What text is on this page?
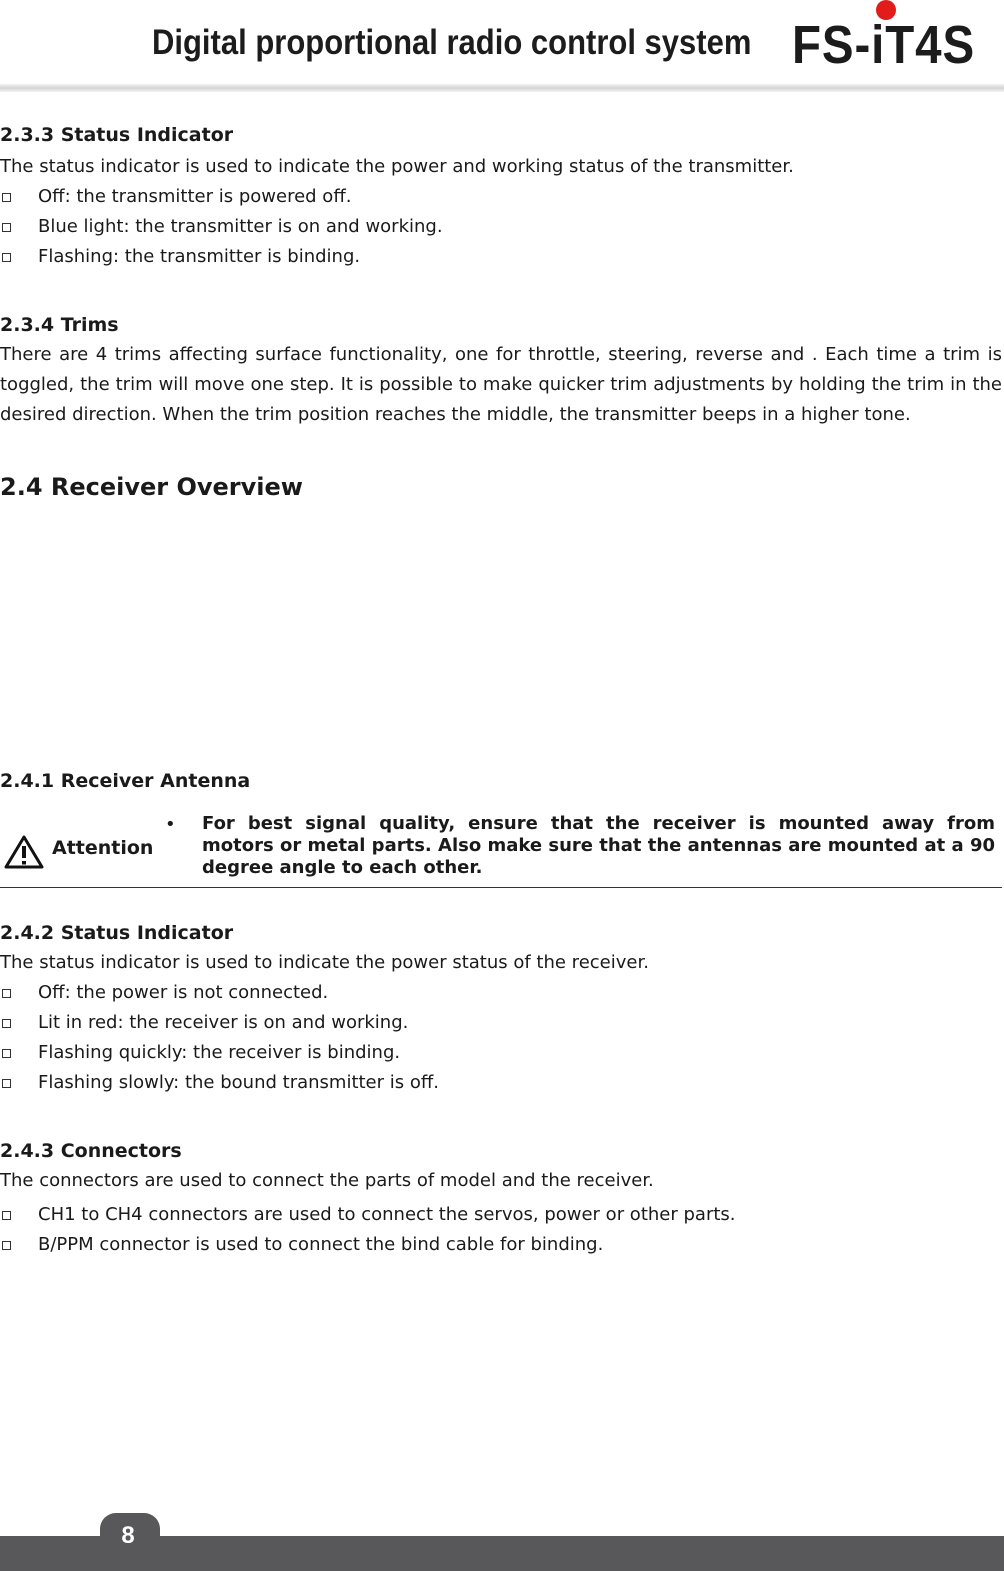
Digital proportional radio control system FS-iT4S
2.3.3 Status Indicator

The status indicator is used to indicate the power and working status of the transmitter.

Off: the transmitter is powered off.
Blue light: the transmitter is on and working.
Flashing: the transmitter is binding.
2.3.4 Trims

There are 4 trims affecting surface functionality, one for throttle, steering, reverse and . Each time a trim is toggled, the trim will move one step. It is possible to make quicker trim adjustments by holding the trim in the desired direction. When the trim position reaches the middle, the transmitter beeps in a higher tone.

2.4 Receiver Overview
2.4.1 Receiver Antenna
Attention
• For best signal quality, ensure that the receiver is mounted away from motors or metal parts. Also make sure that the antennas are mounted at a 90 degree angle to each other.
2.4.2 Status Indicator

The status indicator is used to indicate the power status of the receiver.

Off: the power is not connected.
Lit in red: the receiver is on and working.
Flashing quickly: the receiver is binding.
Flashing slowly: the bound transmitter is off.
2.4.3 Connectors

The connectors are used to connect the parts of model and the receiver.

CH1 to CH4 connectors are used to connect the servos, power or other parts.
B/PPM connector is used to connect the bind cable for binding.
8
